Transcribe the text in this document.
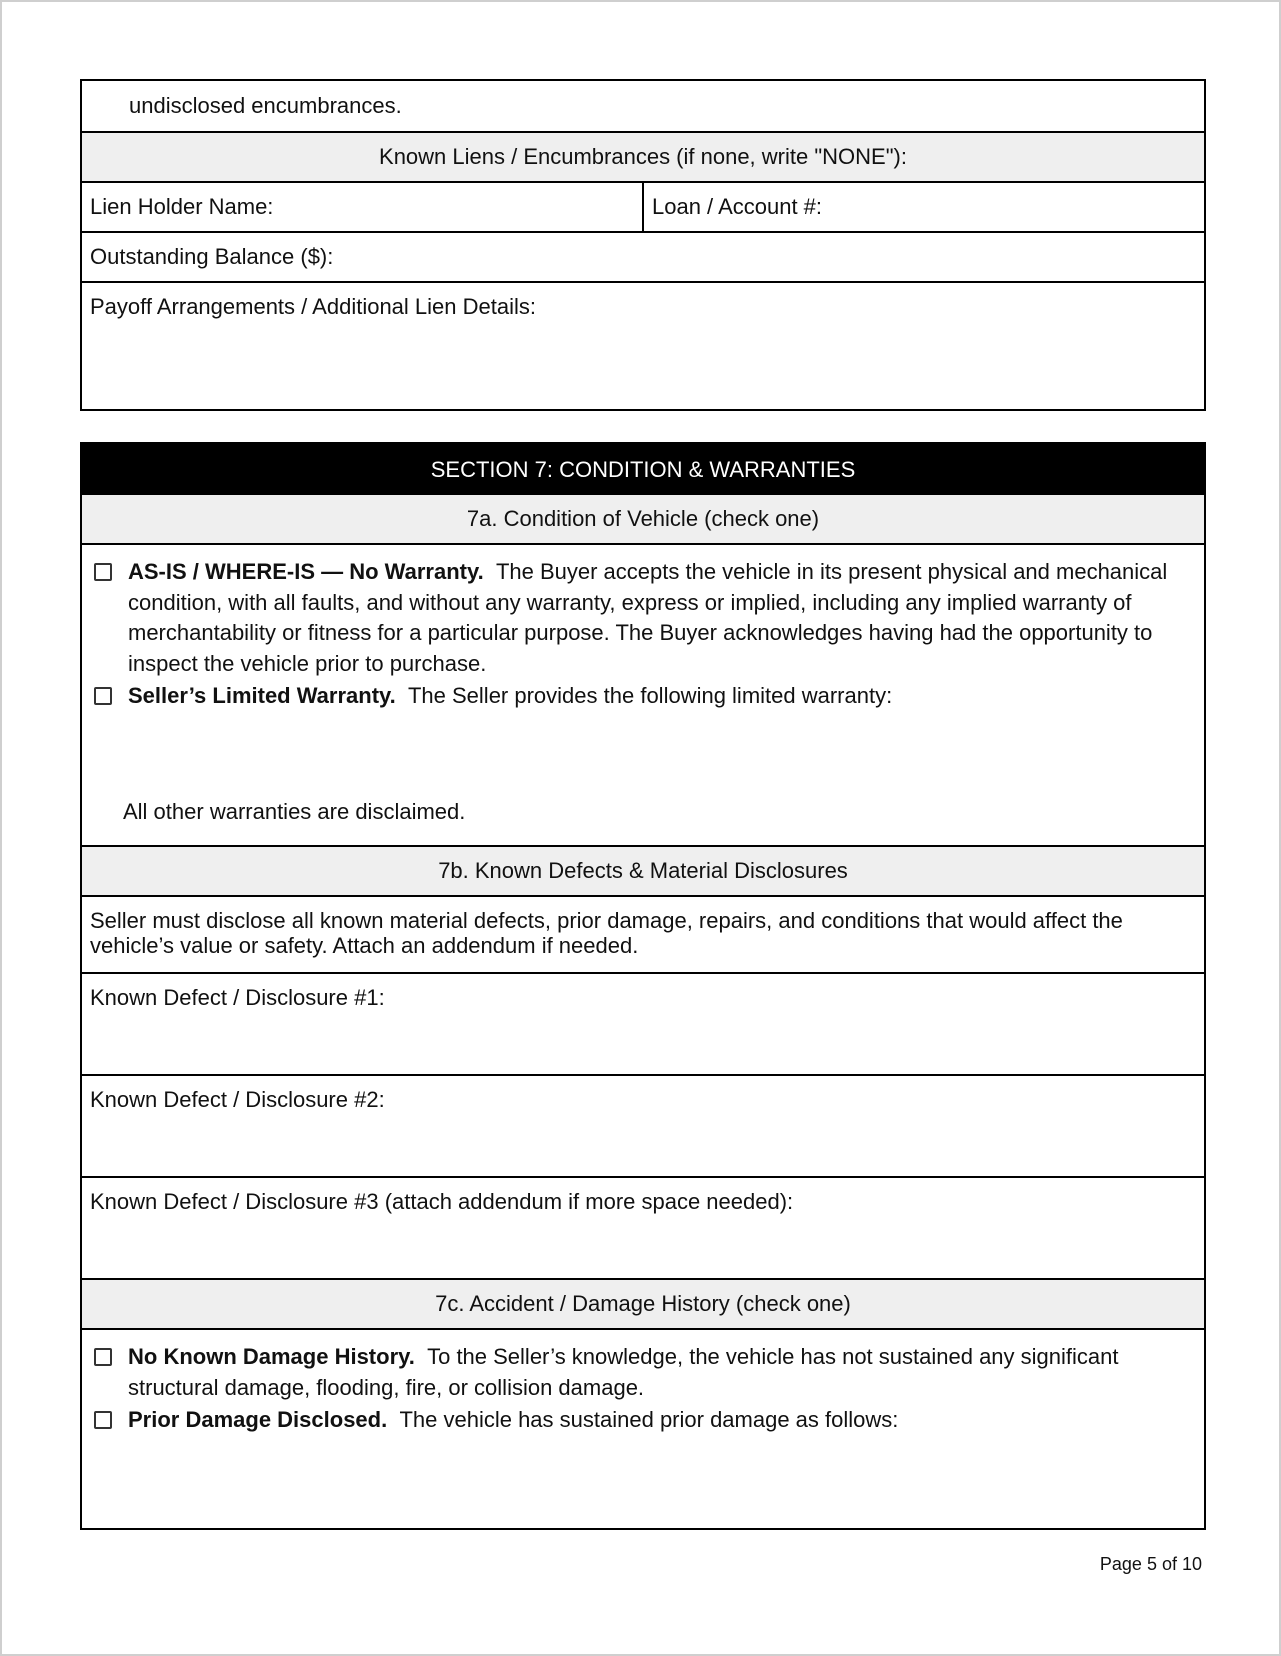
undisclosed encumbrances.
Known Liens / Encumbrances (if none, write "NONE"):
Lien Holder Name:	Loan / Account #:
Outstanding Balance ($):
Payoff Arrangements / Additional Lien Details:
SECTION 7: CONDITION & WARRANTIES
7a. Condition of Vehicle (check one)
AS-IS / WHERE-IS — No Warranty. The Buyer accepts the vehicle in its present physical and mechanical condition, with all faults, and without any warranty, express or implied, including any implied warranty of merchantability or fitness for a particular purpose. The Buyer acknowledges having had the opportunity to inspect the vehicle prior to purchase.
Seller’s Limited Warranty. The Seller provides the following limited warranty:
All other warranties are disclaimed.
7b. Known Defects & Material Disclosures
Seller must disclose all known material defects, prior damage, repairs, and conditions that would affect the vehicle’s value or safety. Attach an addendum if needed.
Known Defect / Disclosure #1:
Known Defect / Disclosure #2:
Known Defect / Disclosure #3 (attach addendum if more space needed):
7c. Accident / Damage History (check one)
No Known Damage History. To the Seller’s knowledge, the vehicle has not sustained any significant structural damage, flooding, fire, or collision damage.
Prior Damage Disclosed. The vehicle has sustained prior damage as follows:
Page 5 of 10
